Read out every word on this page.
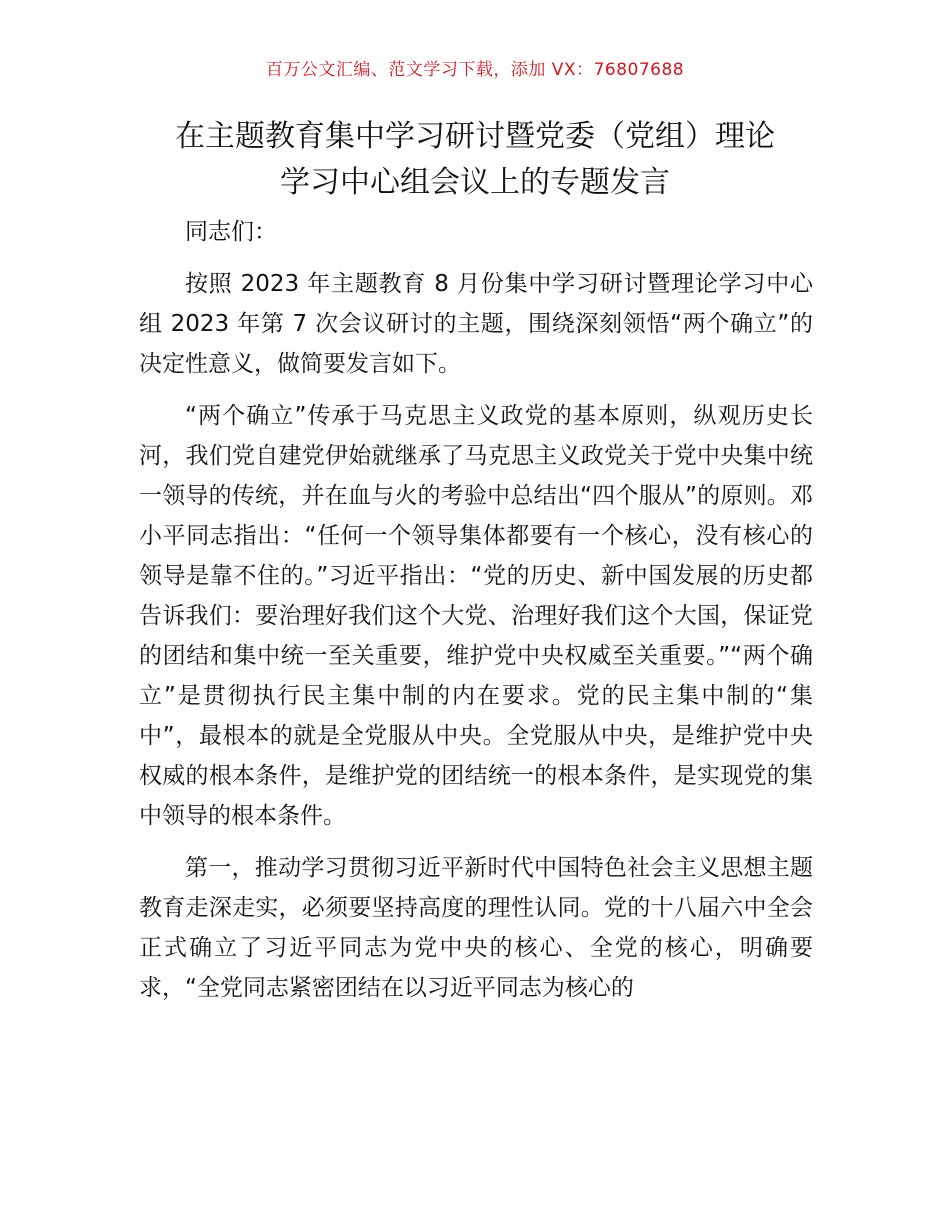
百万公文汇编、范文学习下载，添加 VX：76807688
在主题教育集中学习研讨暨党委（党组）理论
学习中心组会议上的专题发言

同志们：

按照 2023 年主题教育 8 月份集中学习研讨暨理论学习中心组 2023 年第 7 次会议研讨的主题，围绕深刻领悟“两个确立”的决定性意义，做简要发言如下。

“两个确立”传承于马克思主义政党的基本原则，纵观历史长河，我们党自建党伊始就继承了马克思主义政党关于党中央集中统一领导的传统，并在血与火的考验中总结出“四个服从”的原则。邓小平同志指出：“任何一个领导集体都要有一个核心，没有核心的领导是靠不住的。”习近平指出：“党的历史、新中国发展的历史都告诉我们：要治理好我们这个大党、治理好我们这个大国，保证党的团结和集中统一至关重要，维护党中央权威至关重要。”“两个确立”是贯彻执行民主集中制的内在要求。党的民主集中制的“集中”，最根本的就是全党服从中央。全党服从中央，是维护党中央权威的根本条件，是维护党的团结统一的根本条件，是实现党的集中领导的根本条件。

第一，推动学习贯彻习近平新时代中国特色社会主义思想主题教育走深走实，必须要坚持高度的理性认同。党的十八届六中全会正式确立了习近平同志为党中央的核心、全党的核心，明确要求，“全党同志紧密团结在以习近平同志为核心的
